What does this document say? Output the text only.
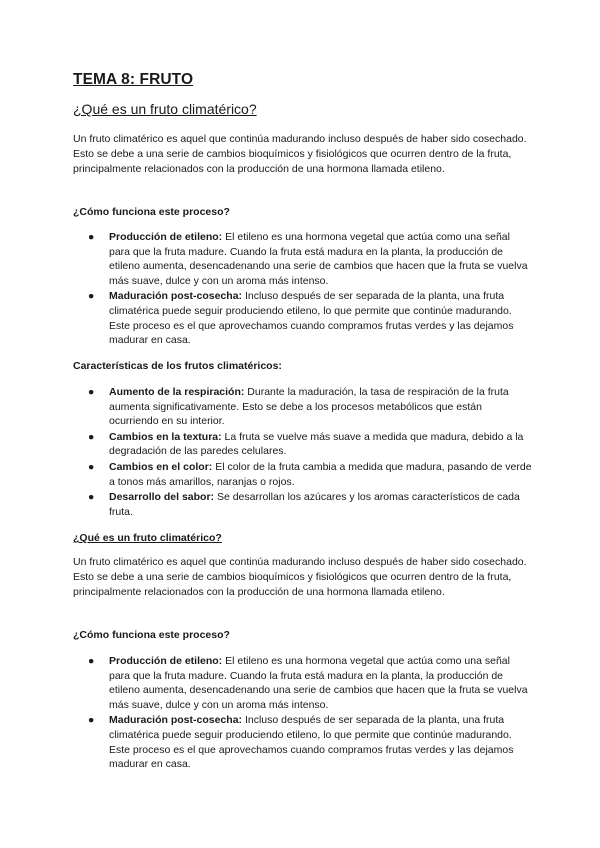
TEMA 8: FRUTO
¿Qué es un fruto climatérico?

Un fruto climatérico es aquel que continúa madurando incluso después de haber sido cosechado. Esto se debe a una serie de cambios bioquímicos y fisiológicos que ocurren dentro de la fruta, principalmente relacionados con la producción de una hormona llamada etileno.

¿Cómo funciona este proceso?
● Producción de etileno: El etileno es una hormona vegetal que actúa como una señal para que la fruta madure. Cuando la fruta está madura en la planta, la producción de etileno aumenta, desencadenando una serie de cambios que hacen que la fruta se vuelva más suave, dulce y con un aroma más intenso.
● Maduración post-cosecha: Incluso después de ser separada de la planta, una fruta climatérica puede seguir produciendo etileno, lo que permite que continúe madurando. Este proceso es el que aprovechamos cuando compramos frutas verdes y las dejamos madurar en casa.
Características de los frutos climatéricos:
● Aumento de la respiración: Durante la maduración, la tasa de respiración de la fruta aumenta significativamente. Esto se debe a los procesos metabólicos que están ocurriendo en su interior.
● Cambios en la textura: La fruta se vuelve más suave a medida que madura, debido a la degradación de las paredes celulares.
● Cambios en el color: El color de la fruta cambia a medida que madura, pasando de verde a tonos más amarillos, naranjas o rojos.
● Desarrollo del sabor: Se desarrollan los azúcares y los aromas característicos de cada fruta.
¿Qué es un fruto climatérico?

Un fruto climatérico es aquel que continúa madurando incluso después de haber sido cosechado. Esto se debe a una serie de cambios bioquímicos y fisiológicos que ocurren dentro de la fruta, principalmente relacionados con la producción de una hormona llamada etileno.

¿Cómo funciona este proceso?
● Producción de etileno: El etileno es una hormona vegetal que actúa como una señal para que la fruta madure. Cuando la fruta está madura en la planta, la producción de etileno aumenta, desencadenando una serie de cambios que hacen que la fruta se vuelva más suave, dulce y con un aroma más intenso.
● Maduración post-cosecha: Incluso después de ser separada de la planta, una fruta climatérica puede seguir produciendo etileno, lo que permite que continúe madurando. Este proceso es el que aprovechamos cuando compramos frutas verdes y las dejamos madurar en casa.
